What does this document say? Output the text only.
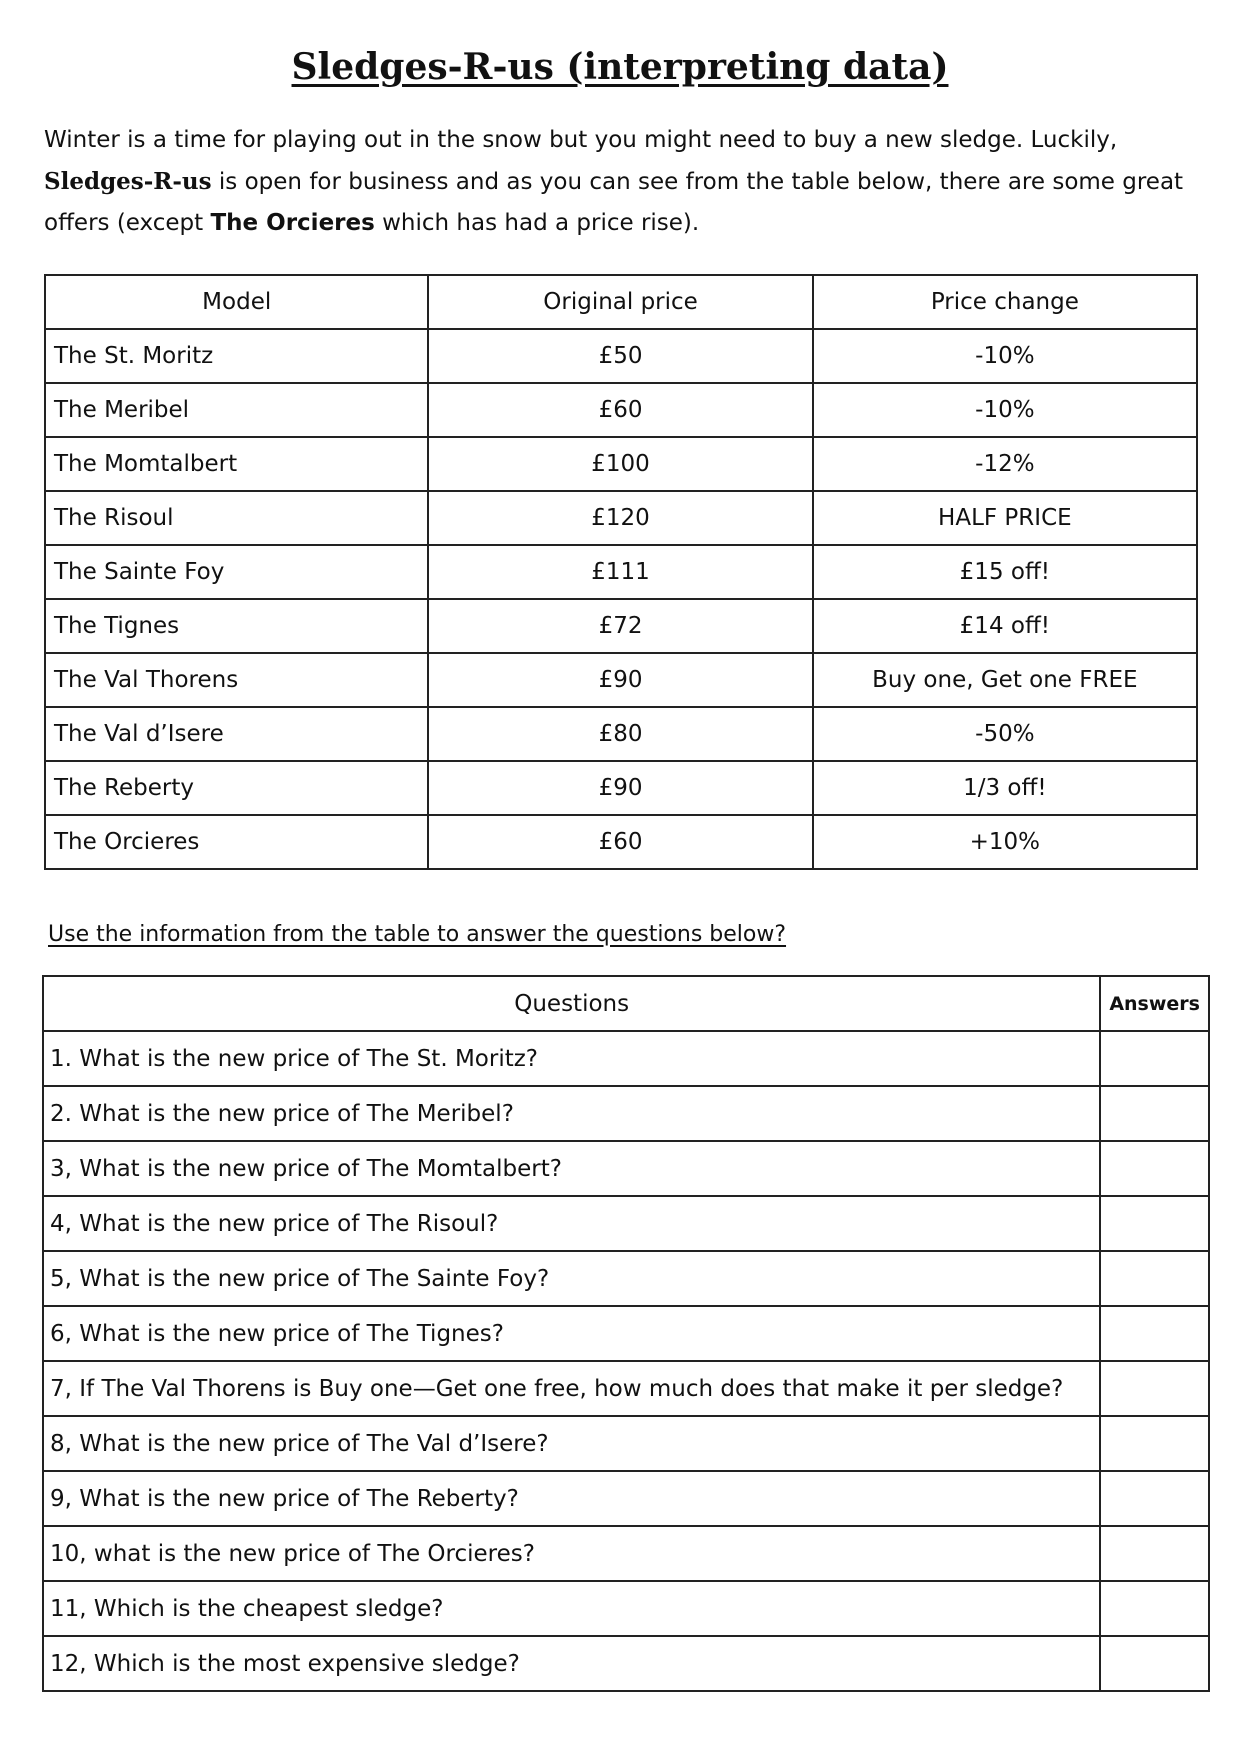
Sledges-R-us (interpreting data)

Winter is a time for playing out in the snow but you might need to buy a new sledge. Luckily, Sledges-R-us is open for business and as you can see from the table below, there are some great offers (except The Orcieres which has had a price rise).

Model	Original price	Price change
The St. Moritz	£50	-10%
The Meribel	£60	-10%
The Momtalbert	£100	-12%
The Risoul	£120	HALF PRICE
The Sainte Foy	£111	£15 off!
The Tignes	£72	£14 off!
The Val Thorens	£90	Buy one, Get one FREE
The Val d’Isere	£80	-50%
The Reberty	£90	1/3 off!
The Orcieres	£60	+10%

Use the information from the table to answer the questions below?

Questions	Answers
1. What is the new price of The St. Moritz?	
2. What is the new price of The Meribel?	
3, What is the new price of The Momtalbert?	
4, What is the new price of The Risoul?	
5, What is the new price of The Sainte Foy?	
6, What is the new price of The Tignes?	
7, If The Val Thorens is Buy one—Get one free, how much does that make it per sledge?	
8, What is the new price of The Val d’Isere?	
9, What is the new price of The Reberty?	
10, what is the new price of The Orcieres?	
11, Which is the cheapest sledge?	
12, Which is the most expensive sledge?	
